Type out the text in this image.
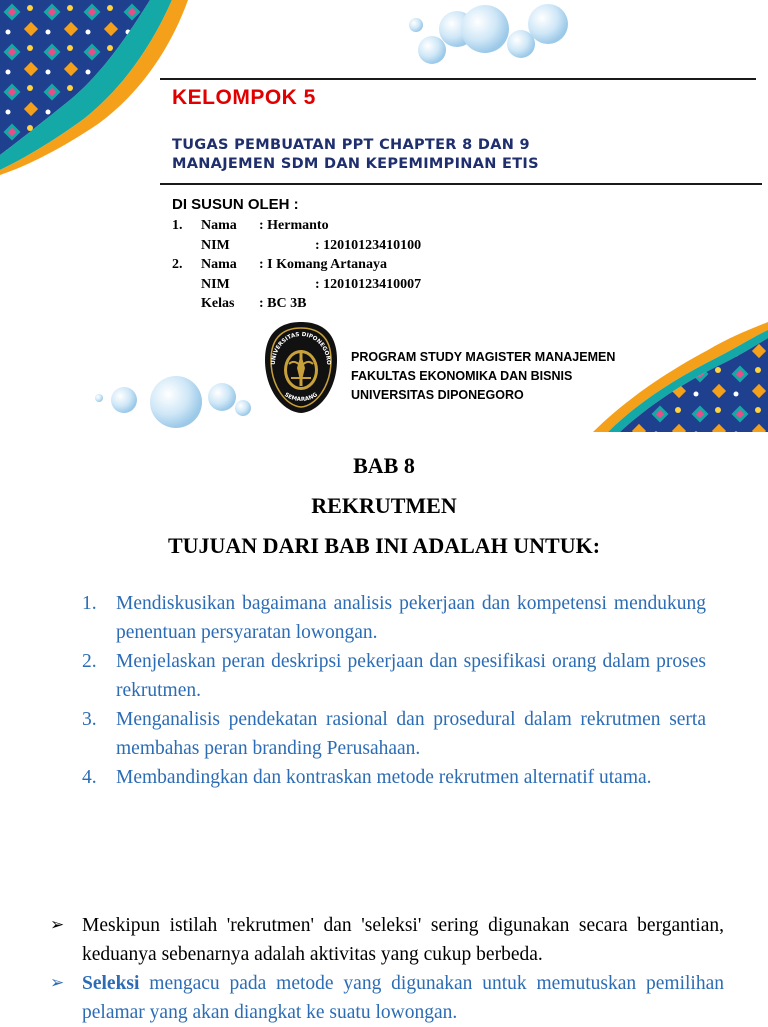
KELOMPOK 5
TUGAS PEMBUATAN PPT CHAPTER 8 DAN 9
MANAJEMEN SDM DAN KEPEMIMPINAN ETIS
DI SUSUN OLEH :
1. Nama : Hermanto
NIM	: 12010123410100
2. Nama : I Komang Artanaya
NIM	: 12010123410007
Kelas : BC 3B
UNIVERSITAS DIPONEGORO
SEMARANG
PROGRAM STUDY MAGISTER MANAJEMEN
FAKULTAS EKONOMIKA DAN BISNIS
UNIVERSITAS DIPONEGORO
BAB 8
REKRUTMEN
TUJUAN DARI BAB INI ADALAH UNTUK:
1. Mendiskusikan bagaimana analisis pekerjaan dan kompetensi mendukung penentuan persyaratan lowongan.
2. Menjelaskan peran deskripsi pekerjaan dan spesifikasi orang dalam proses rekrutmen.
3. Menganalisis pendekatan rasional dan prosedural dalam rekrutmen serta membahas peran branding Perusahaan.
4. Membandingkan dan kontraskan metode rekrutmen alternatif utama.
➢ Meskipun istilah 'rekrutmen' dan 'seleksi' sering digunakan secara bergantian, keduanya sebenarnya adalah aktivitas yang cukup berbeda.
➢ Seleksi mengacu pada metode yang digunakan untuk memutuskan pemilihan pelamar yang akan diangkat ke suatu lowongan.
